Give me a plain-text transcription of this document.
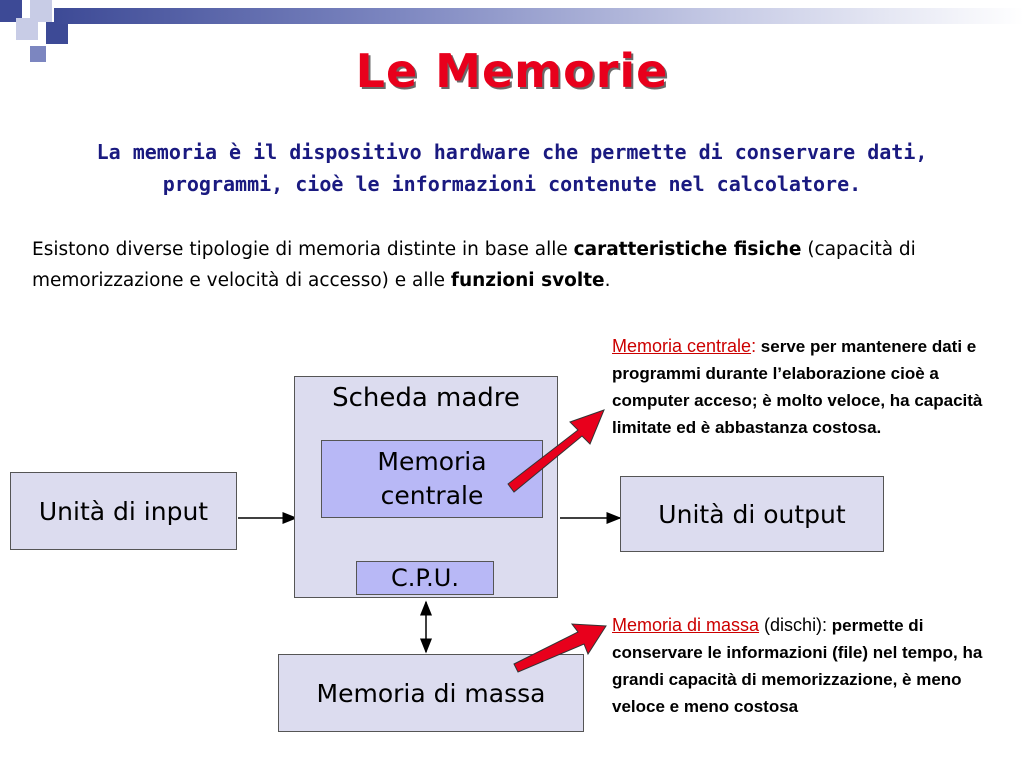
Le Memorie
La memoria è il dispositivo hardware che permette di conservare dati, programmi, cioè le informazioni contenute nel calcolatore.
Esistono diverse tipologie di memoria distinte in base alle caratteristiche fisiche (capacità di memorizzazione e velocità di accesso) e alle funzioni svolte.
Scheda madre
Memoria centrale
C.P.U.
Unità di input	Unità di output
Memoria di massa
Memoria centrale: serve per mantenere dati e programmi durante l’elaborazione cioè a computer acceso; è molto veloce, ha capacità limitate ed è abbastanza costosa.
Memoria di massa (dischi): permette di conservare le informazioni (file) nel tempo, ha grandi capacità di memorizzazione, è meno veloce e meno costosa
